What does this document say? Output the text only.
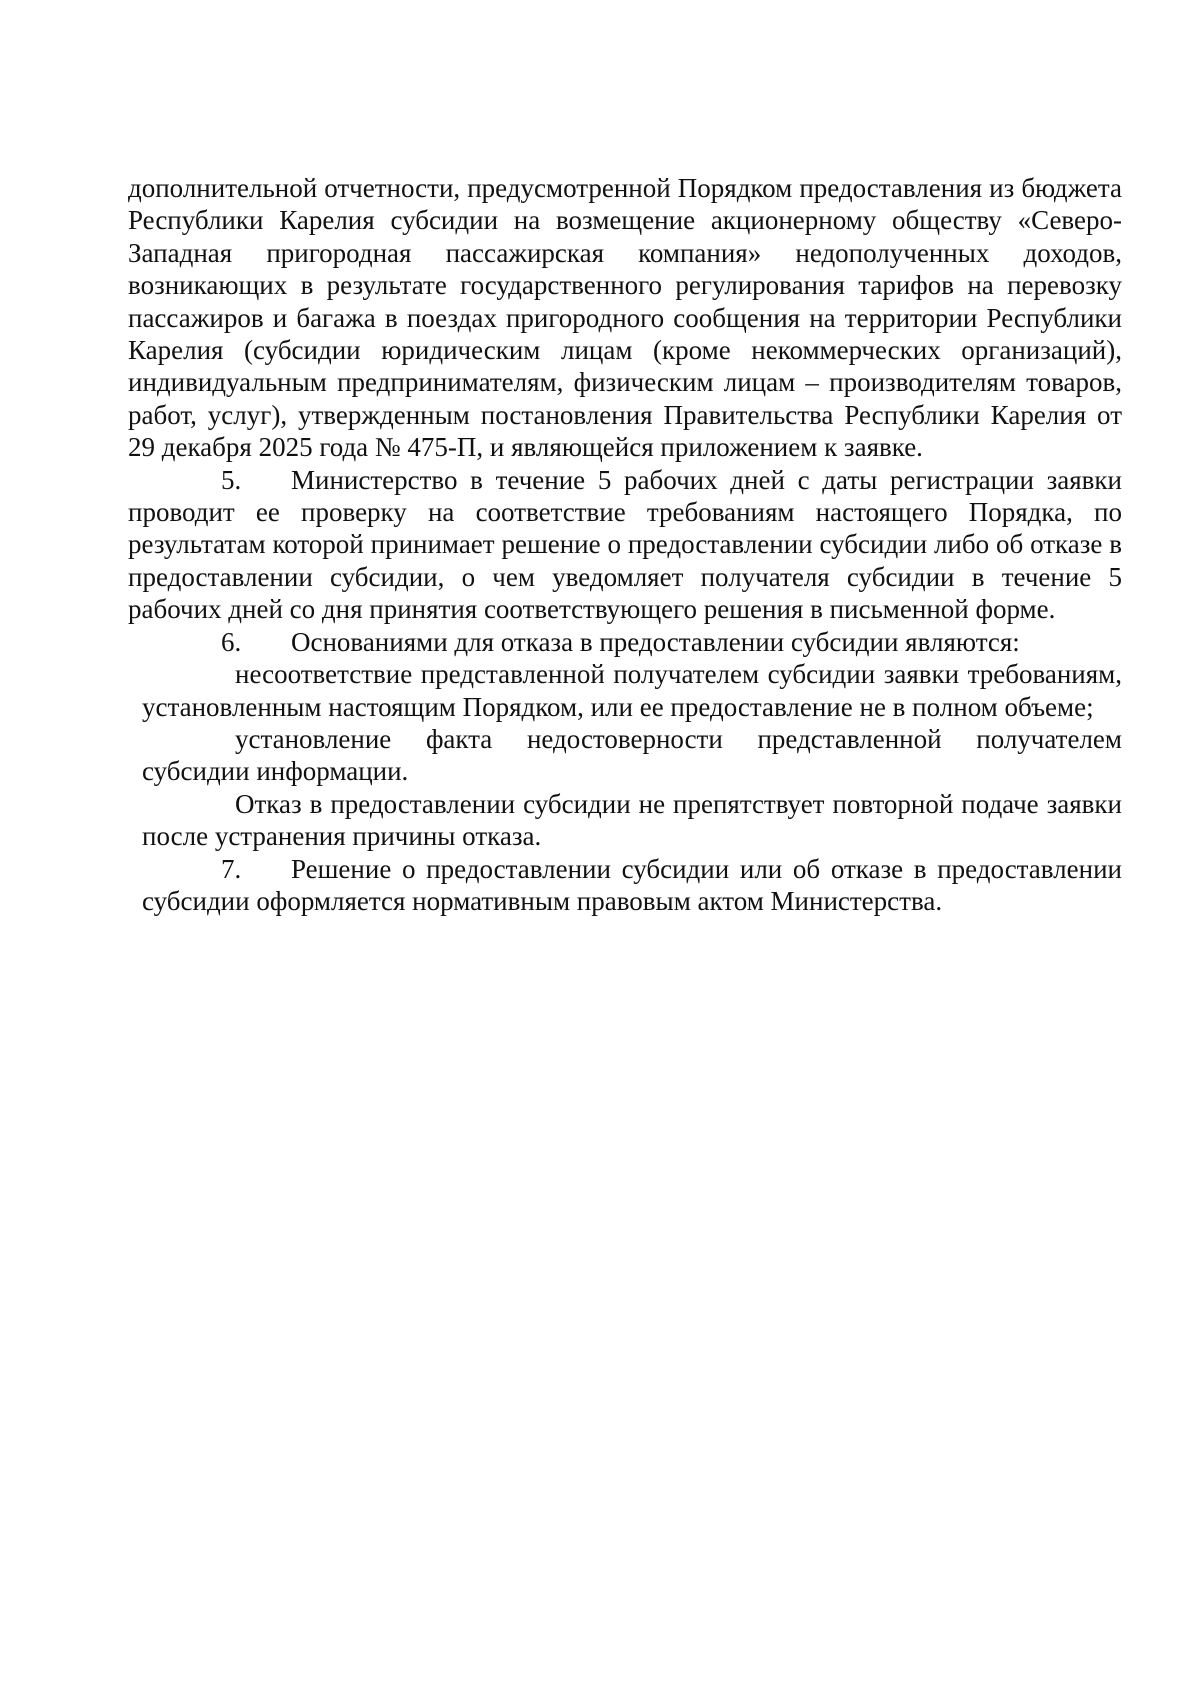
дополнительной отчетности, предусмотренной Порядком предоставления из бюджета Республики Карелия субсидии на возмещение акционерному обществу «Северо-Западная пригородная пассажирская компания» недополученных доходов, возникающих в результате государственного регулирования тарифов на перевозку пассажиров и багажа в поездах пригородного сообщения на территории Республики Карелия (субсидии юридическим лицам (кроме некоммерческих организаций), индивидуальным предпринимателям, физическим лицам – производителям товаров, работ, услуг), утвержденным постановления Правительства Республики Карелия от 29 декабря 2025 года № 475-П, и являющейся приложением к заявке.

5. Министерство в течение 5 рабочих дней с даты регистрации заявки проводит ее проверку на соответствие требованиям настоящего Порядка, по результатам которой принимает решение о предоставлении субсидии либо об отказе в предоставлении субсидии, о чем уведомляет получателя субсидии в течение 5 рабочих дней со дня принятия соответствующего решения в письменной форме.

6. Основаниями для отказа в предоставлении субсидии являются:

несоответствие представленной получателем субсидии заявки требованиям, установленным настоящим Порядком, или ее предоставление не в полном объеме;

установление факта недостоверности представленной получателем субсидии информации.

Отказ в предоставлении субсидии не препятствует повторной подаче заявки после устранения причины отказа.

7. Решение о предоставлении субсидии или об отказе в предоставлении субсидии оформляется нормативным правовым актом Министерства.
